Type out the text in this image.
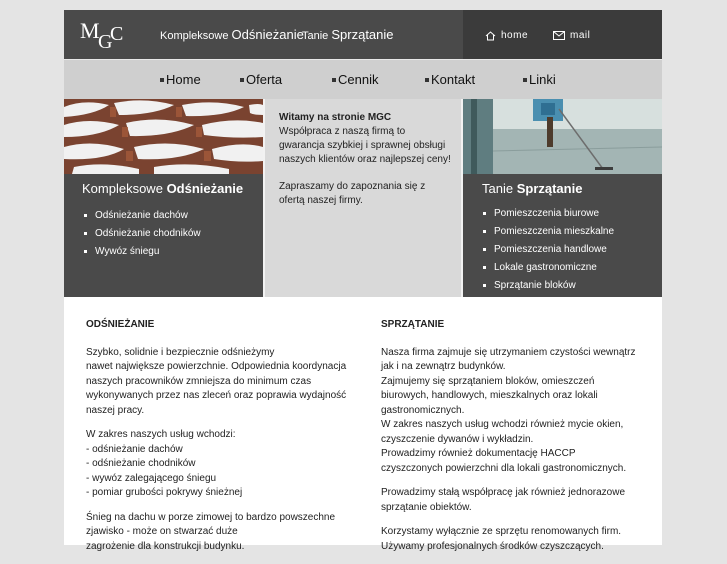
M
G
C	Kompleksowe Odśnieżanie
Tanie Sprzątanie	home	mail
Home	Oferta	Cennik	Kontakt	Linki
Kompleksowe Odśnieżanie
Odśnieżanie dachów
Odśnieżanie chodników
Wywóz śniegu

Witamy na stronie MGC
Współpraca z naszą firmą to gwarancja szybkiej i sprawnej obsługi naszych klientów oraz najlepszej ceny!

Zapraszamy do zapoznania się z ofertą naszej firmy.

Tanie Sprzątanie
Pomieszczenia biurowe
Pomieszczenia mieszkalne
Pomieszczenia handlowe
Lokale gastronomiczne
Sprzątanie bloków
ODŚNIEŻANIE

Szybko, solidnie i bezpiecznie odśnieżymy
nawet największe powierzchnie. Odpowiednia koordynacja
naszych pracowników zmniejsza do minimum czas
wykonywanych przez nas zleceń oraz poprawia wydajność
naszej pracy.

W zakres naszych usług wchodzi:
- odśnieżanie dachów
- odśnieżanie chodników
- wywóz zalegającego śniegu
- pomiar grubości pokrywy śnieżnej

Śnieg na dachu w porze zimowej to bardzo powszechne
zjawisko - może on stwarzać duże
zagrożenie dla konstrukcji budynku.

SPRZĄTANIE

Nasza firma zajmuje się utrzymaniem czystości wewnątrz
jak i na zewnątrz budynków.
Zajmujemy się sprzątaniem bloków, omieszczeń
biurowych, handlowych, mieszkalnych oraz lokali
gastronomicznych.
W zakres naszych usług wchodzi również mycie okien,
czyszczenie dywanów i wykładzin.
Prowadzimy również dokumentację HACCP
czyszczonych powierzchni dla lokali gastronomicznych.

Prowadzimy stałą współpracę jak również jednorazowe
sprzątanie obiektów.

Korzystamy wyłącznie ze sprzętu renomowanych firm.
Używamy profesjonalnych środków czyszczących.
